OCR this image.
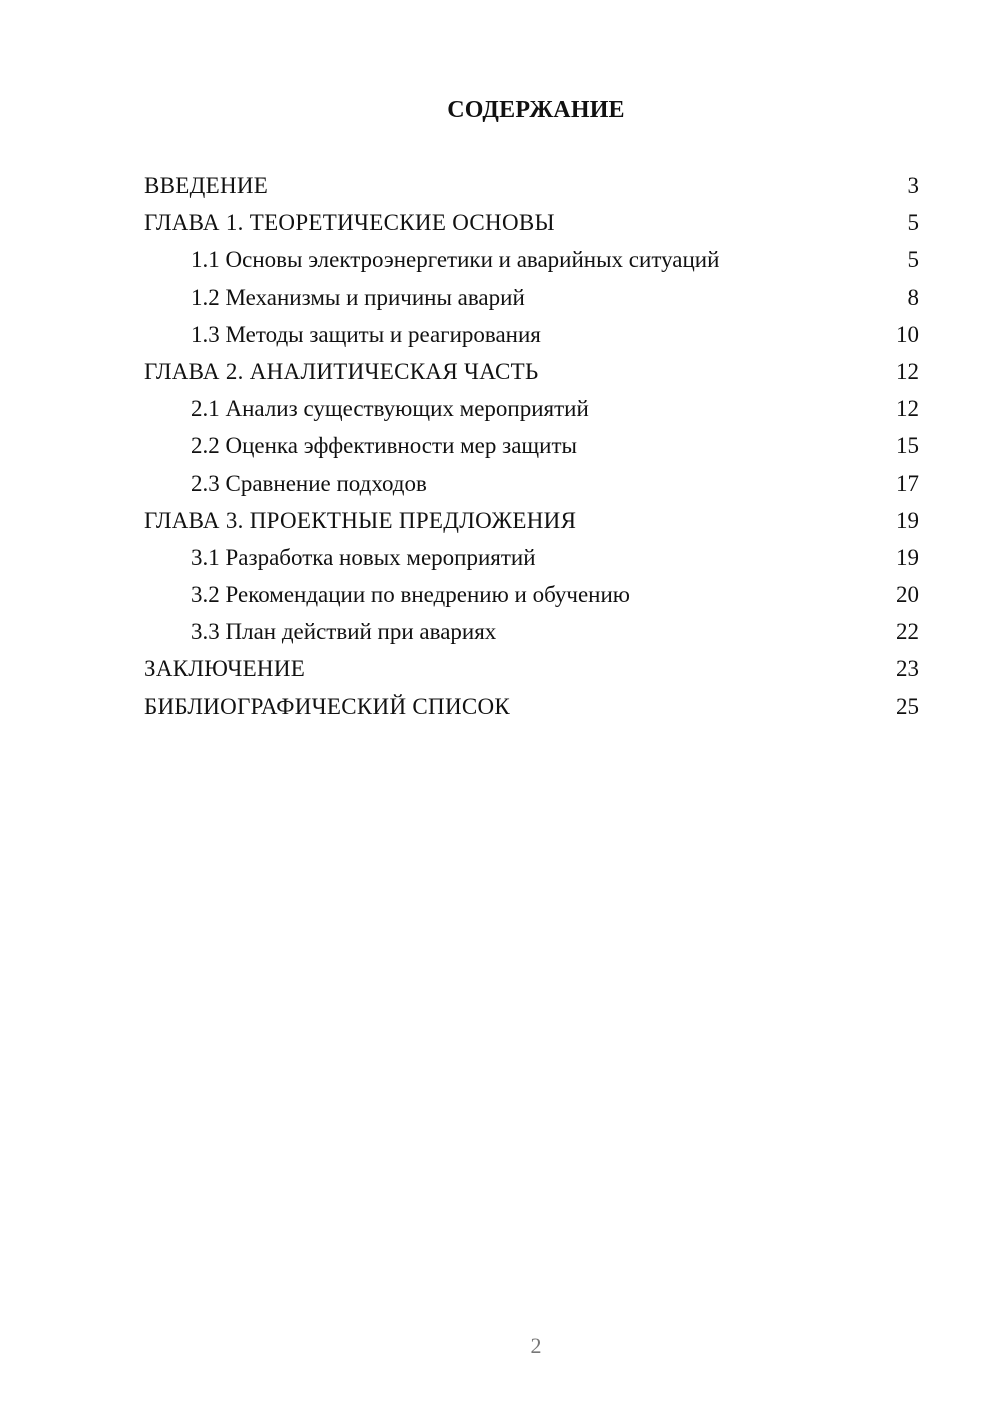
СОДЕРЖАНИЕ
ВВЕДЕНИЕ	3
ГЛАВА 1. ТЕОРЕТИЧЕСКИЕ ОСНОВЫ	5
1.1 Основы электроэнергетики и аварийных ситуаций	5
1.2 Механизмы и причины аварий	8
1.3 Методы защиты и реагирования	10
ГЛАВА 2. АНАЛИТИЧЕСКАЯ ЧАСТЬ	12
2.1 Анализ существующих мероприятий	12
2.2 Оценка эффективности мер защиты	15
2.3 Сравнение подходов	17
ГЛАВА 3. ПРОЕКТНЫЕ ПРЕДЛОЖЕНИЯ	19
3.1 Разработка новых мероприятий	19
3.2 Рекомендации по внедрению и обучению	20
3.3 План действий при авариях	22
ЗАКЛЮЧЕНИЕ	23
БИБЛИОГРАФИЧЕСКИЙ СПИСОК	25
2
